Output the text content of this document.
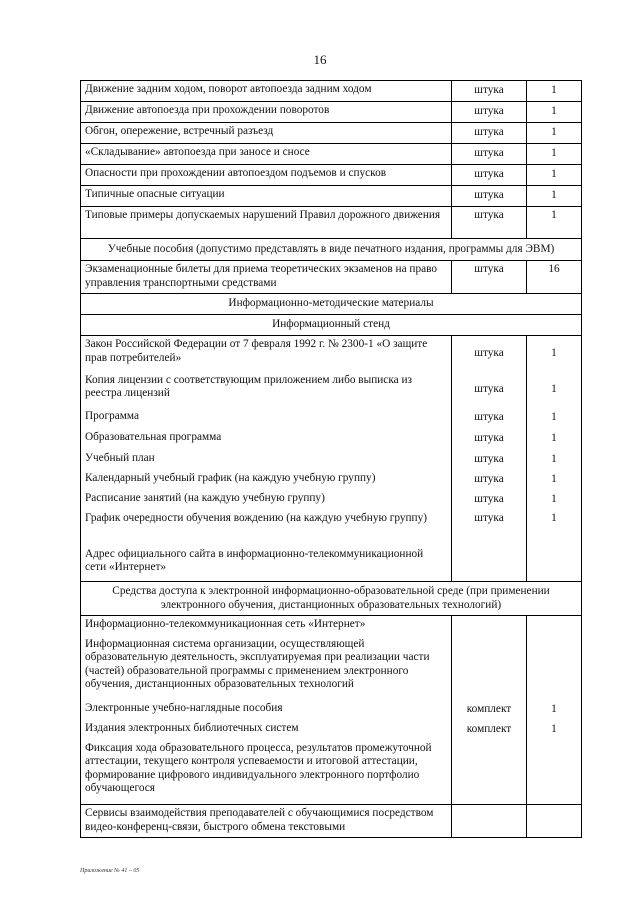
16
Движение задним ходом, поворот автопоезда задним ходом	штука	1
Движение автопоезда при прохождении поворотов	штука	1
Обгон, опережение, встречный разъезд	штука	1
«Складывание» автопоезда при заносе и сносе	штука	1
Опасности при прохождении автопоездом подъемов и спусков	штука	1
Типичные опасные ситуации	штука	1
Типовые примеры допускаемых нарушений Правил дорожного движения	штука	1
Учебные пособия (допустимо представлять в виде печатного издания, программы для ЭВМ)		
Экзаменационные билеты для приема теоретических экзаменов на право управления транспортными средствами	штука	16
Информационно-методические материалы		
Информационный стенд		
Закон Российской Федерации от 7 февраля 1992 г. № 2300-1 «О защите прав потребителей»	штука	1
Копия лицензии с соответствующим приложением либо выписка из реестра лицензий	штука	1
Программа	штука	1
Образовательная программа	штука	1
Учебный план	штука	1
Календарный учебный график (на каждую учебную группу)	штука	1
Расписание занятий (на каждую учебную группу)	штука	1
График очередности обучения вождению (на каждую учебную группу)	штука	1
Адрес официального сайта в информационно-телекоммуникационной сети «Интернет»		
Средства доступа к электронной информационно-образовательной среде (при применении электронного обучения, дистанционных образовательных технологий)		
Информационно-телекоммуникационная сеть «Интернет»		
Информационная система организации, осуществляющей образовательную деятельность, эксплуатируемая при реализации части (частей) образовательной программы с применением электронного обучения, дистанционных образовательных технологий		
Электронные учебно-наглядные пособия	комплект	1
Издания электронных библиотечных систем	комплект	1
Фиксация хода образовательного процесса, результатов промежуточной аттестации, текущего контроля успеваемости и итоговой аттестации, формирование цифрового индивидуального электронного портфолио обучающегося		
Сервисы взаимодействия преподавателей с обучающимися посредством видео-конференц-связи, быстрого обмена текстовыми		
Приложение № 41 – 05
